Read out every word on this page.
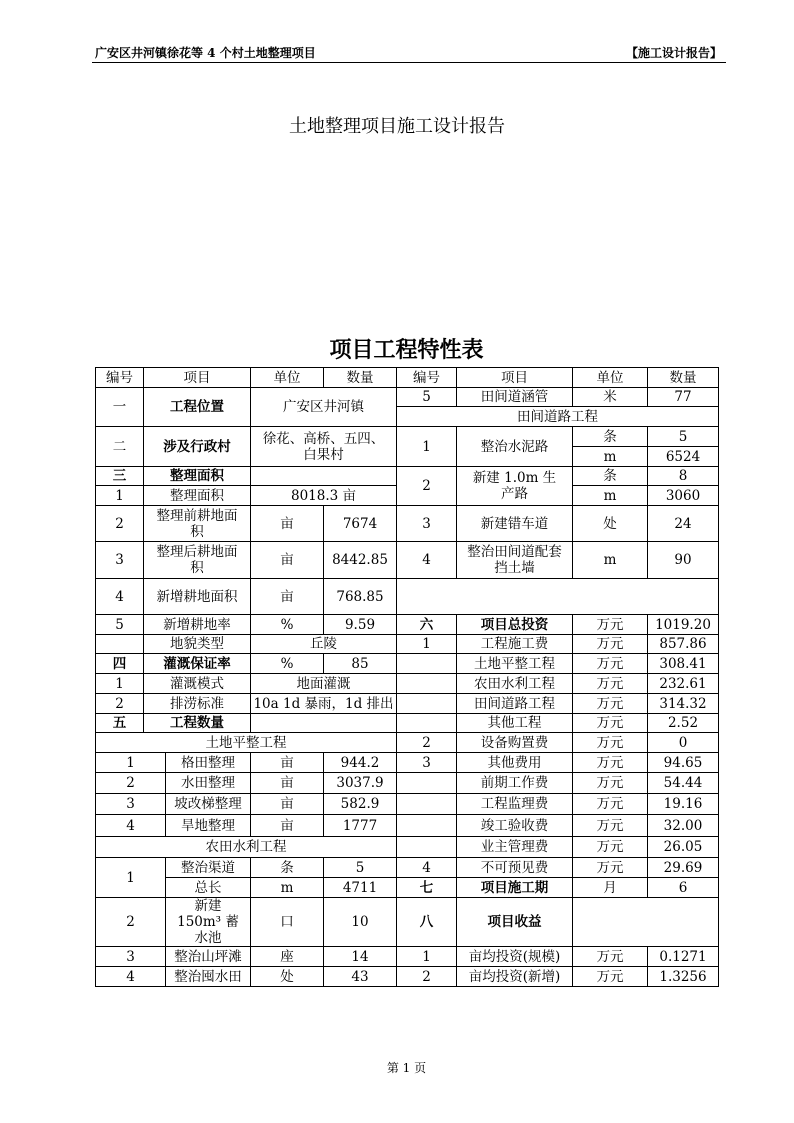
广安区井河镇徐花等 4 个村土地整理项目	【施工设计报告】
土地整理项目施工设计报告
项目工程特性表
编号	项目		单位	数量	编号	项目	单位	数量
一	工程位置		广安区井河镇		5	田间道涵管	米	77
					田间道路工程			
二	涉及行政村		徐花、高桥、五四、白果村		1	整治水泥路	条	5
							m	6524
三	整理面积				2	新建 1.0m 生产路	条	8
1	整理面积		8018.3 亩				m	3060
2	整理前耕地面积		亩	7674	3	新建错车道	处	24
3	整理后耕地面积		亩	8442.85	4	整治田间道配套挡土墙	m	90
4	新增耕地面积		亩	768.85				
5	新增耕地率		%	9.59	六	项目总投资	万元	1019.20
	地貌类型		丘陵		1	工程施工费	万元	857.86
四	灌溉保证率		%	85		土地平整工程	万元	308.41
1	灌溉模式		地面灌溉			农田水利工程	万元	232.61
2	排涝标准		10a 1d 暴雨，1d 排出			田间道路工程	万元	314.32
五	工程数量					其他工程	万元	2.52
土地平整工程					2	设备购置费	万元	0
1		格田整理	亩	944.2	3	其他费用	万元	94.65
2		水田整理	亩	3037.9		前期工作费	万元	54.44
3		坡改梯整理	亩	582.9		工程监理费	万元	19.16
4		旱地整理	亩	1777		竣工验收费	万元	32.00
农田水利工程						业主管理费	万元	26.05
1		整治渠道	条	5	4	不可预见费	万元	29.69
		总长	m	4711	七	项目施工期	月	6
2		新建 150m³ 蓄水池	口	10	八	项目收益		
3		整治山坪滩	座	14	1	亩均投资(规模)	万元	0.1271
4		整治囤水田	处	43	2	亩均投资(新增)	万元	1.3256
第 1 页
